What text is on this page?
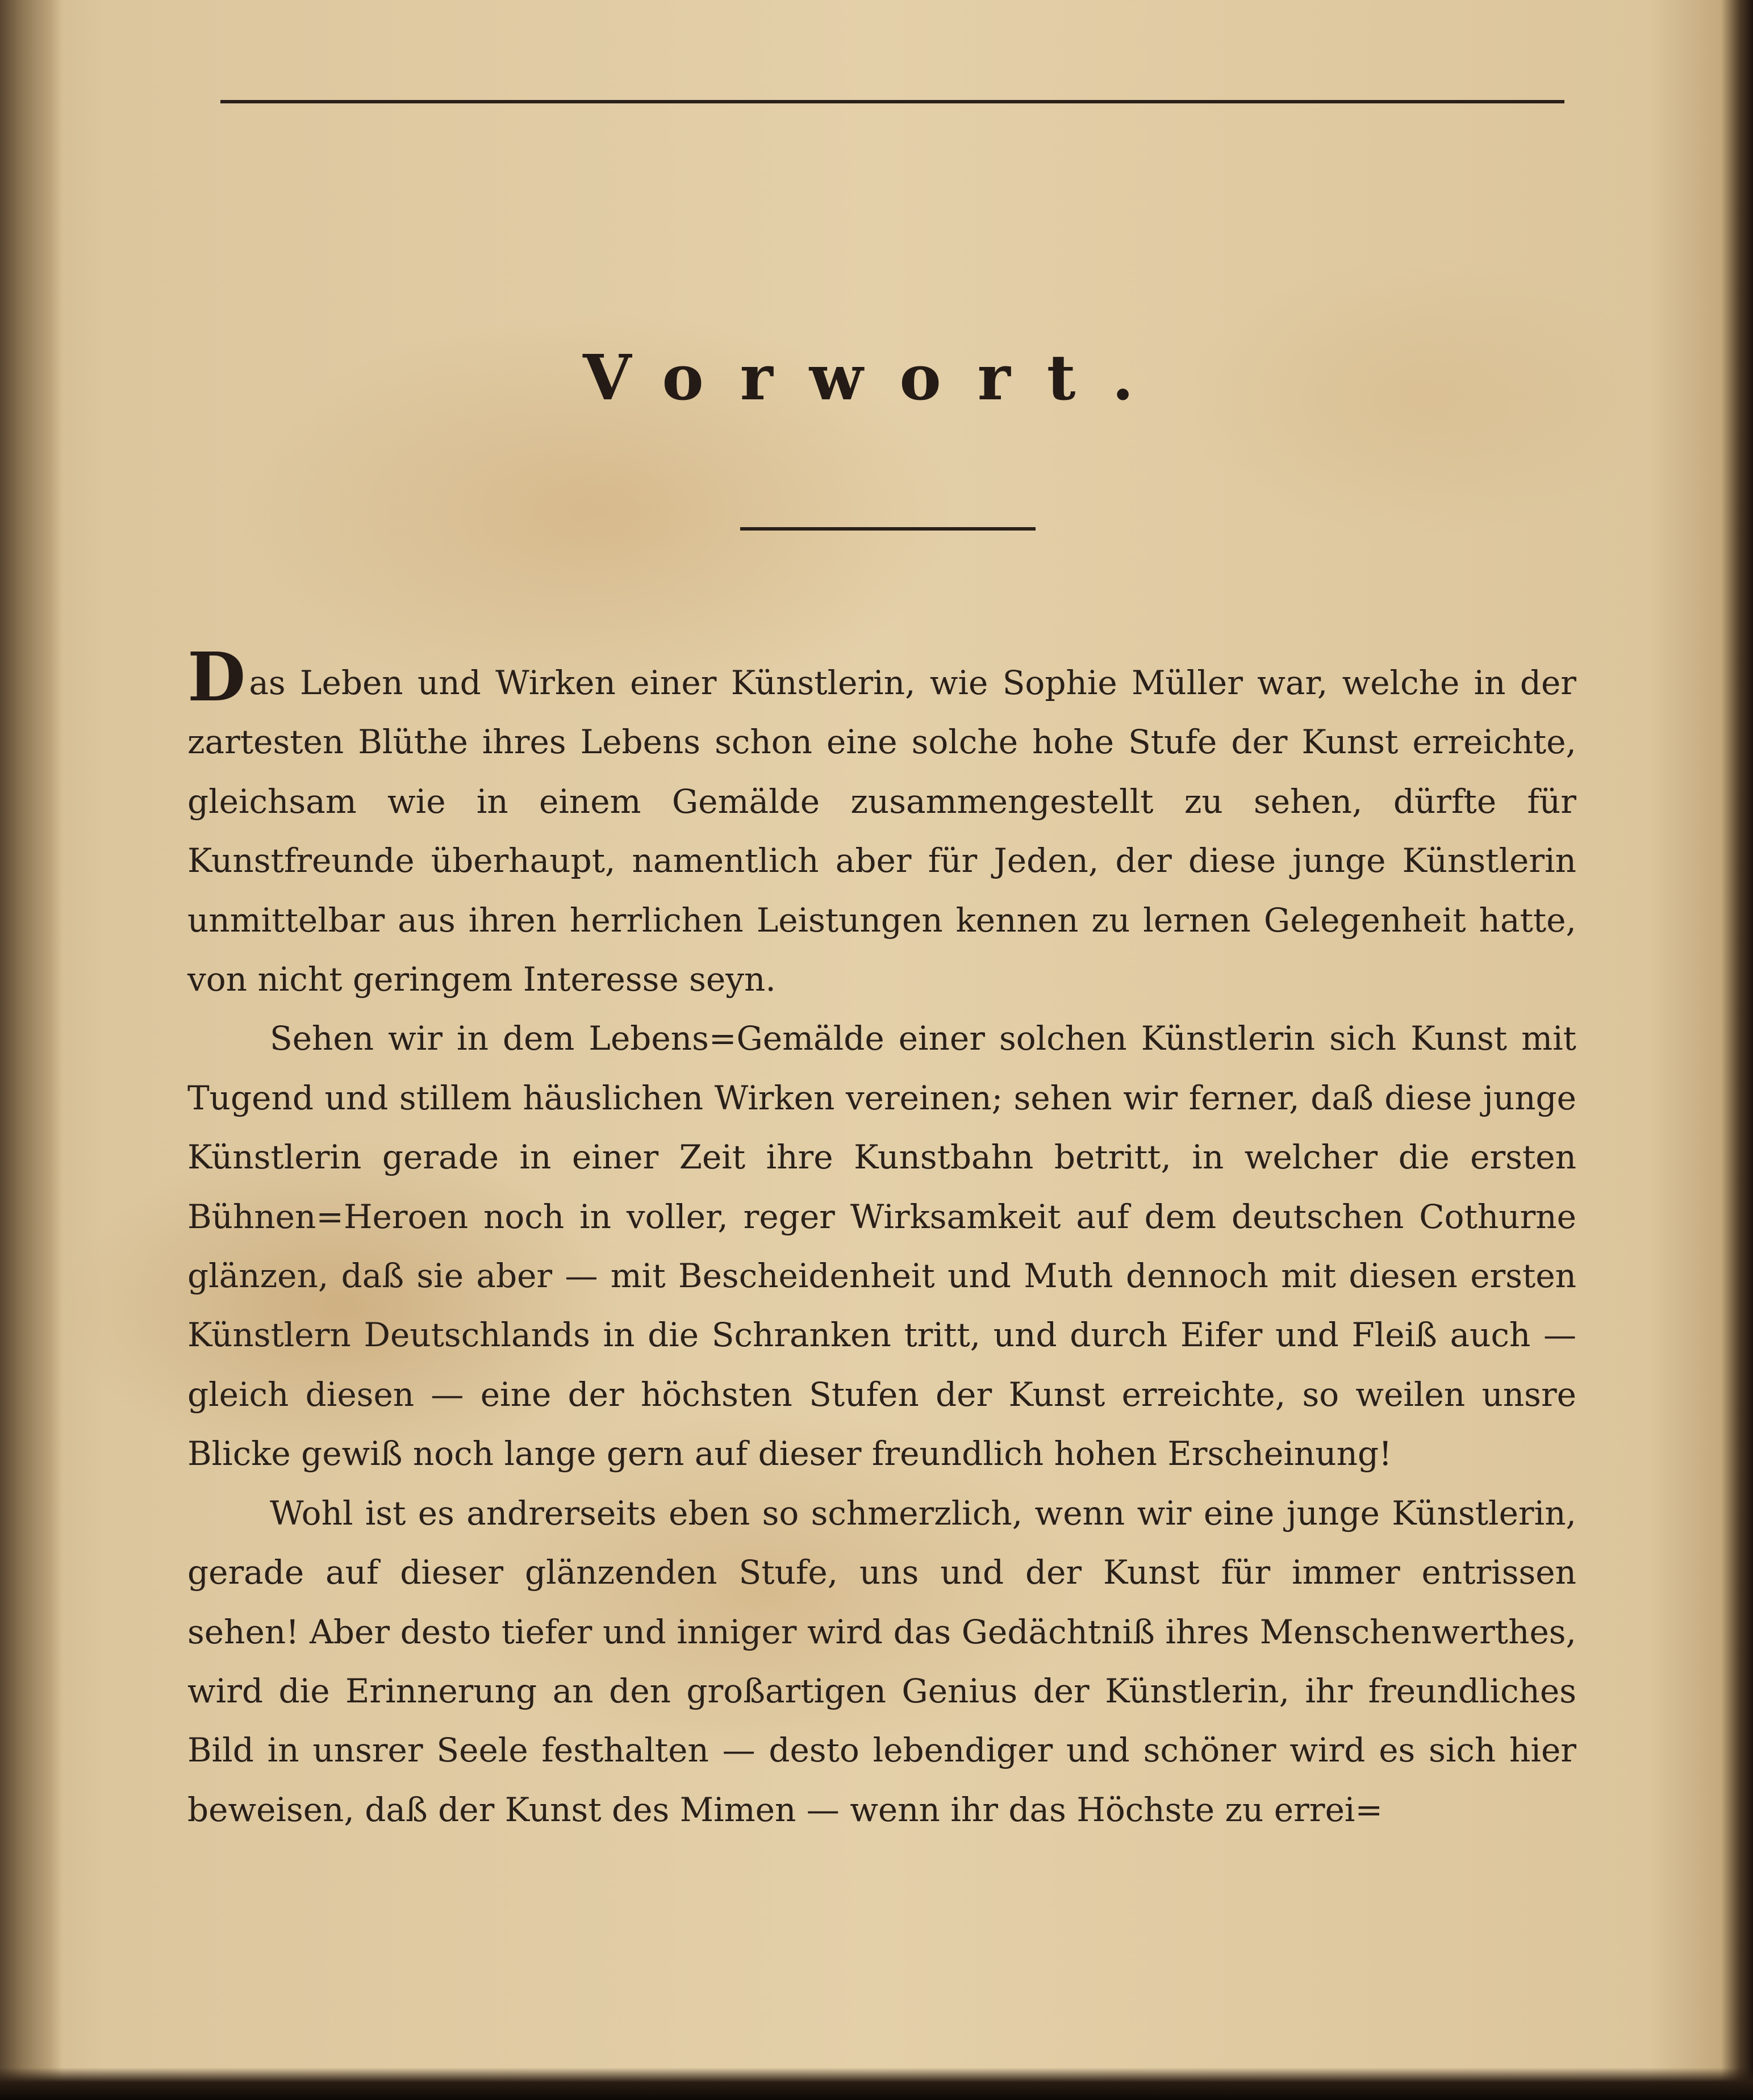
Vorwort.

Das Leben und Wirken einer Künstlerin, wie Sophie Müller war, welche in der zartesten Blüthe ihres Lebens schon eine solche hohe Stufe der Kunst erreichte, gleichsam wie in einem Gemälde zusammengestellt zu sehen, dürfte für Kunstfreunde überhaupt, namentlich aber für Jeden, der diese junge Künstlerin unmittelbar aus ihren herrlichen Leistungen kennen zu lernen Gelegenheit hatte, von nicht geringem Interesse seyn.

Sehen wir in dem Lebens=Gemälde einer solchen Künstlerin sich Kunst mit Tugend und stillem häuslichen Wirken vereinen; sehen wir ferner, daß diese junge Künstlerin gerade in einer Zeit ihre Kunstbahn betritt, in welcher die ersten Bühnen=Heroen noch in voller, reger Wirksamkeit auf dem deutschen Cothurne glänzen, daß sie aber — mit Bescheidenheit und Muth dennoch mit diesen ersten Künstlern Deutschlands in die Schranken tritt, und durch Eifer und Fleiß auch — gleich diesen — eine der höchsten Stufen der Kunst erreichte, so weilen unsre Blicke gewiß noch lange gern auf dieser freundlich hohen Erscheinung!

Wohl ist es andrerseits eben so schmerzlich, wenn wir eine junge Künstlerin, gerade auf dieser glänzenden Stufe, uns und der Kunst für immer entrissen sehen! Aber desto tiefer und inniger wird das Gedächtniß ihres Menschenwerthes, wird die Erinnerung an den großartigen Genius der Künstlerin, ihr freundliches Bild in unsrer Seele festhalten — desto lebendiger und schöner wird es sich hier beweisen, daß der Kunst des Mimen — wenn ihr das Höchste zu errei=
